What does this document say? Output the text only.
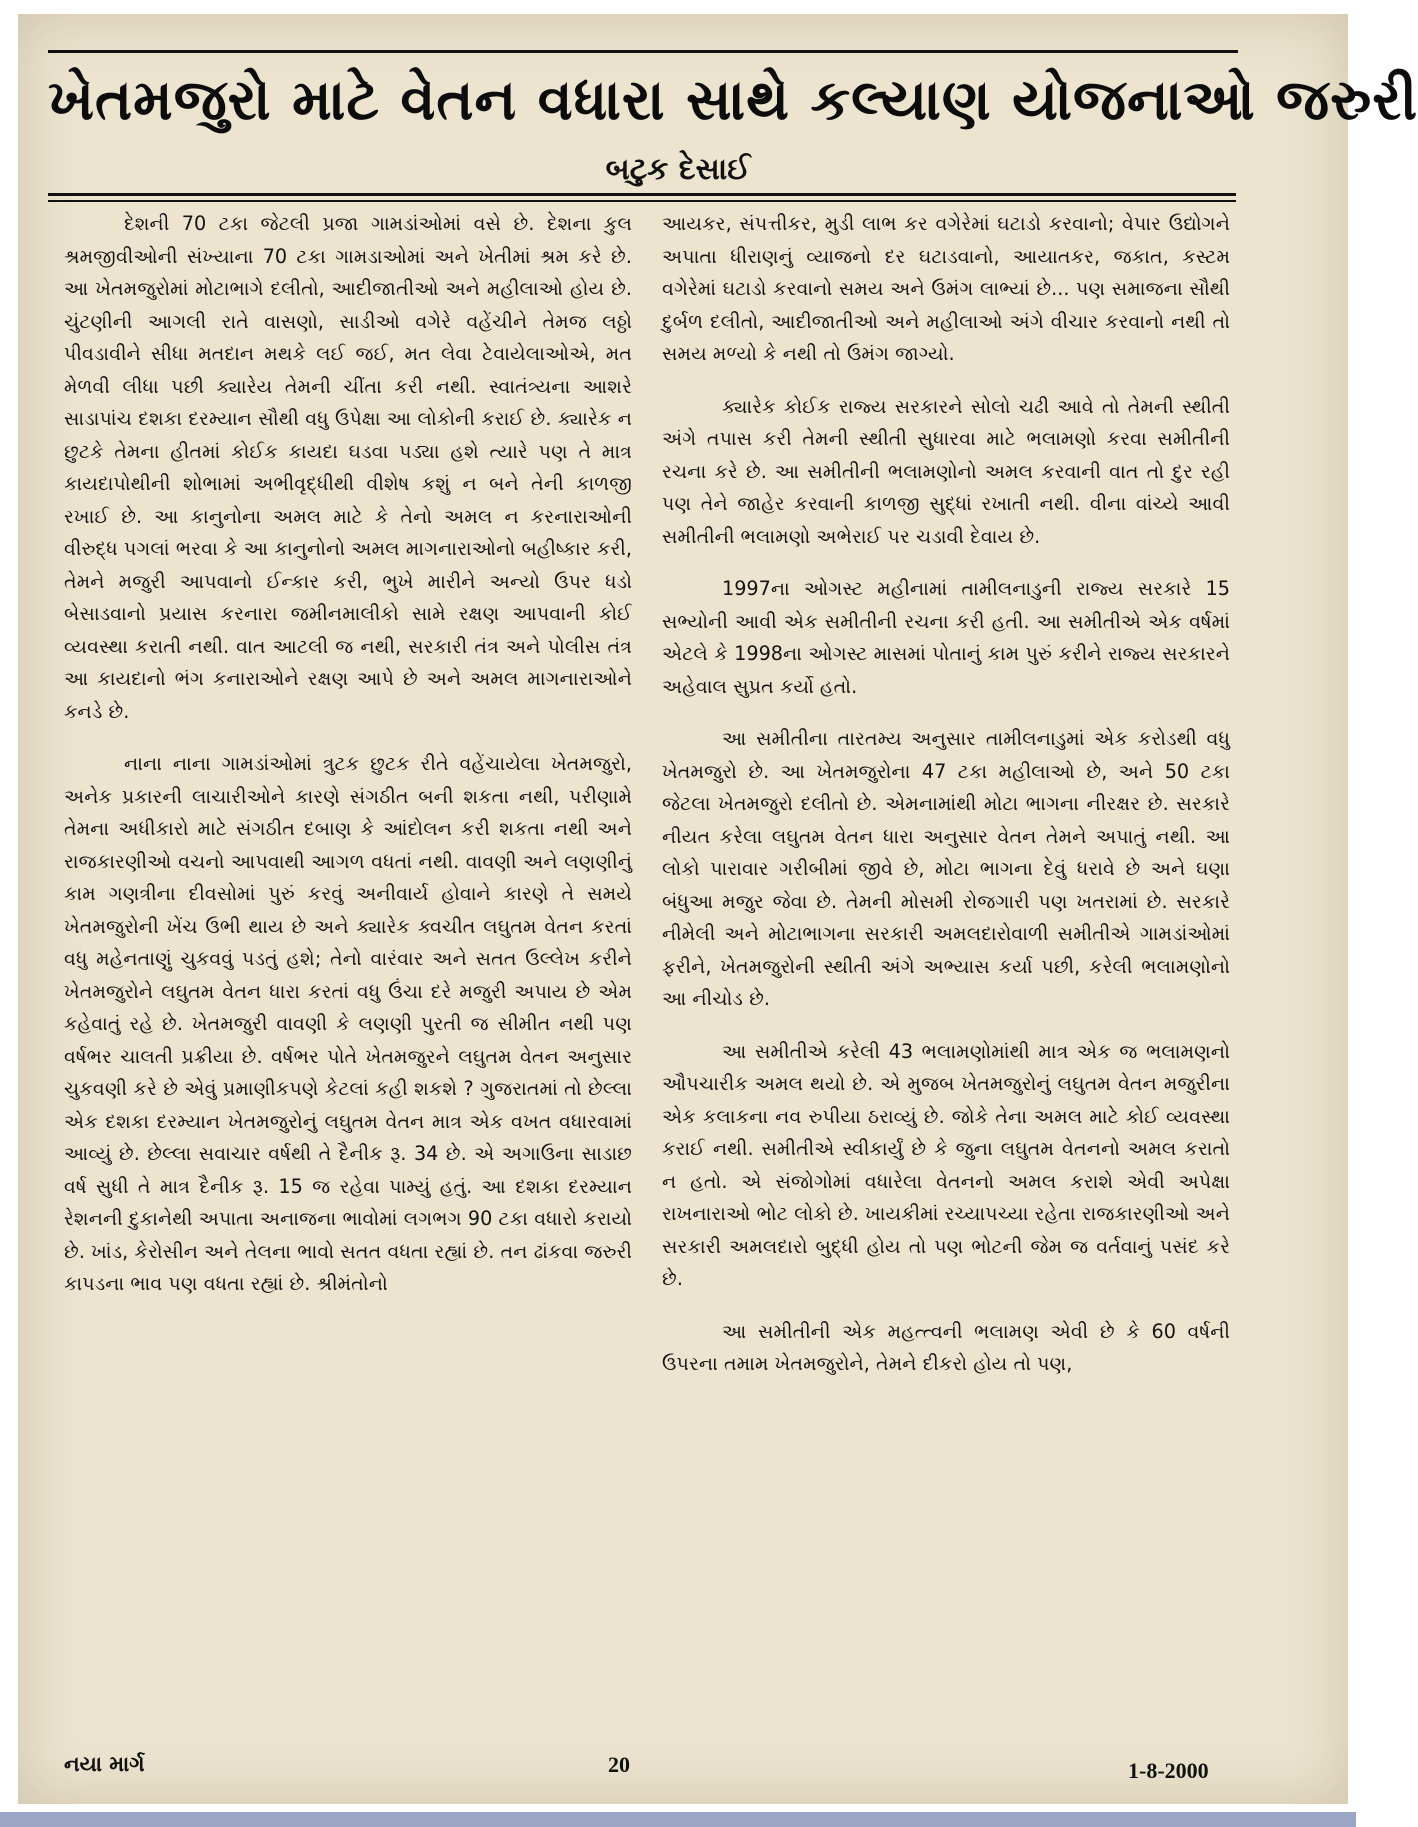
ખેતમજુરો માટે વેતન વધારા સાથે કલ્યાણ યોજનાઓ જરુરી
બટુક દેસાઈ

દેશની 70 ટકા જેટલી પ્રજા ગામડાંઓમાં વસે છે. દેશના કુલ શ્રમજીવીઓની સંખ્યાના 70 ટકા ગામડાઓમાં અને ખેતીમાં શ્રમ કરે છે. આ ખેતમજુરોમાં મોટાભાગે દલીતો, આદીજાતીઓ અને મહીલાઓ હોય છે. ચુંટણીની આગલી રાતે વાસણો, સાડીઓ વગેરે વહેંચીને તેમજ લઠ્ઠો પીવડાવીને સીધા મતદાન મથકે લઈ જઈ, મત લેવા ટેવાયેલાઓએ, મત મેળવી લીધા પછી ક્યારેય તેમની ચીંતા કરી નથી. સ્વાતંત્ર્યના આશરે સાડાપાંચ દશકા દરમ્યાન સૌથી વધુ ઉપેક્ષા આ લોકોની કરાઈ છે. ક્યારેક ન છુટકે તેમના હીતમાં કોઈક કાયદા ઘડવા પડ્યા હશે ત્યારે પણ તે માત્ર કાયદાપોથીની શોભામાં અભીવૃદ્ધીથી વીશેષ કશું ન બને તેની કાળજી રખાઈ છે. આ કાનુનોના અમલ માટે કે તેનો અમલ ન કરનારાઓની વીરુદ્ધ પગલાં ભરવા કે આ કાનુનોનો અમલ માગનારાઓનો બહીષ્કાર કરી, તેમને મજુરી આપવાનો ઈન્કાર કરી, ભુખે મારીને અન્યો ઉપર ધડો બેસાડવાનો પ્રયાસ કરનારા જમીનમાલીકો સામે રક્ષણ આપવાની કોઈ વ્યવસ્થા કરાતી નથી. વાત આટલી જ નથી, સરકારી તંત્ર અને પોલીસ તંત્ર આ કાયદાનો ભંગ કનારાઓને રક્ષણ આપે છે અને અમલ માગનારાઓને કનડે છે.

નાના નાના ગામડાંઓમાં ત્રુટક છુટક રીતે વહેંચાયેલા ખેતમજુરો, અનેક પ્રકારની લાચારીઓને કારણે સંગઠીત બની શકતા નથી, પરીણામે તેમના અધીકારો માટે સંગઠીત દબાણ કે આંદોલન કરી શકતા નથી અને રાજકારણીઓ વચનો આપવાથી આગળ વધતાં નથી. વાવણી અને લણણીનું કામ ગણત્રીના દીવસોમાં પુરું કરવું અનીવાર્ય હોવાને કારણે તે સમયે ખેતમજુરોની ખેંચ ઉભી થાય છે અને ક્યારેક ક્વચીત લઘુતમ વેતન કરતાં વધુ મહેનતાણું ચુકવવું પડતું હશે; તેનો વારંવાર અને સતત ઉલ્લેખ કરીને ખેતમજુરોને લઘુતમ વેતન ધારા કરતાં વધુ ઉંચા દરે મજુરી અપાય છે એમ કહેવાતું રહે છે. ખેતમજુરી વાવણી કે લણણી પુરતી જ સીમીત નથી પણ વર્ષભર ચાલતી પ્રક્રીયા છે. વર્ષભર પોતે ખેતમજુરને લઘુતમ વેતન અનુસાર ચુકવણી કરે છે એવું પ્રમાણીકપણે કેટલાં કહી શકશે ? ગુજરાતમાં તો છેલ્લા એક દશકા દરમ્યાન ખેતમજુરોનું લઘુતમ વેતન માત્ર એક વખત વધારવામાં આવ્યું છે. છેલ્લા સવાચાર વર્ષથી તે દૈનીક રૂ. 34 છે. એ અગાઉના સાડાછ વર્ષ સુધી તે માત્ર દૈનીક રૂ. 15 જ રહેવા પામ્યું હતું. આ દશકા દરમ્યાન રેશનની દુકાનેથી અપાતા અનાજના ભાવોમાં લગભગ 90 ટકા વધારો કરાયો છે. ખાંડ, કેરોસીન અને તેલના ભાવો સતત વધતા રહ્યાં છે. તન ઢાંકવા જરુરી કાપડના ભાવ પણ વધતા રહ્યાં છે. શ્રીમંતોનો

આયકર, સંપત્તીકર, મુડી લાભ કર વગેરેમાં ઘટાડો કરવાનો; વેપાર ઉદ્યોગને અપાતા ધીરાણનું વ્યાજનો દર ઘટાડવાનો, આયાતકર, જકાત, કસ્ટમ વગેરેમાં ઘટાડો કરવાનો સમય અને ઉમંગ લાભ્યાં છે... પણ સમાજના સૌથી દુર્બળ દલીતો, આદીજાતીઓ અને મહીલાઓ અંગે વીચાર કરવાનો નથી તો સમય મળ્યો કે નથી તો ઉમંગ જાગ્યો.

ક્યારેક કોઈક રાજ્ય સરકારને સોલો ચઢી આવે તો તેમની સ્થીતી અંગે તપાસ કરી તેમની સ્થીતી સુધારવા માટે ભલામણો કરવા સમીતીની રચના કરે છે. આ સમીતીની ભલામણોનો અમલ કરવાની વાત તો દુર રહી પણ તેને જાહેર કરવાની કાળજી સુદ્ધાં રખાતી નથી. વીના વાંચ્યે આવી સમીતીની ભલામણો અભેરાઈ પર ચડાવી દેવાય છે.

1997ના ઓગસ્ટ મહીનામાં તામીલનાડુની રાજ્ય સરકારે 15 સભ્યોની આવી એક સમીતીની રચના કરી હતી. આ સમીતીએ એક વર્ષમાં એટલે કે 1998ના ઓગસ્ટ માસમાં પોતાનું કામ પુરું કરીને રાજ્ય સરકારને અહેવાલ સુપ્રત કર્યો હતો.

આ સમીતીના તારતમ્ય અનુસાર તામીલનાડુમાં એક કરોડથી વધુ ખેતમજુરો છે. આ ખેતમજુરોના 47 ટકા મહીલાઓ છે, અને 50 ટકા જેટલા ખેતમજુરો દલીતો છે. એમનામાંથી મોટા ભાગના નીરક્ષર છે. સરકારે નીયત કરેલા લઘુતમ વેતન ધારા અનુસાર વેતન તેમને અપાતું નથી. આ લોકો પારાવાર ગરીબીમાં જીવે છે, મોટા ભાગના દેવું ધરાવે છે અને ઘણા બંધુઆ મજુર જેવા છે. તેમની મોસમી રોજગારી પણ ખતરામાં છે. સરકારે નીમેલી અને મોટાભાગના સરકારી અમલદારોવાળી સમીતીએ ગામડાંઓમાં ફરીને, ખેતમજુરોની સ્થીતી અંગે અભ્યાસ કર્યા પછી, કરેલી ભલામણોનો આ નીચોડ છે.

આ સમીતીએ કરેલી 43 ભલામણોમાંથી માત્ર એક જ ભલામણનો ઔપચારીક અમલ થયો છે. એ મુજબ ખેતમજુરોનું લઘુતમ વેતન મજુરીના એક કલાકના નવ રુપીયા ઠરાવ્યું છે. જોકે તેના અમલ માટે કોઈ વ્યવસ્થા કરાઈ નથી. સમીતીએ સ્વીકાર્યું છે કે જુના લઘુતમ વેતનનો અમલ કરાતો ન હતો. એ સંજોગોમાં વધારેલા વેતનનો અમલ કરાશે એવી અપેક્ષા રાખનારાઓ ભોટ લોકો છે. ખાયકીમાં રચ્યાપચ્યા રહેતા રાજકારણીઓ અને સરકારી અમલદારો બુદ્ધી હોય તો પણ ભોટની જેમ જ વર્તવાનું પસંદ કરે છે.

આ સમીતીની એક મહત્ત્વની ભલામણ એવી છે કે 60 વર્ષની ઉપરના તમામ ખેતમજુરોને, તેમને દીકરો હોય તો પણ,

નયા માર્ગ	20	1-8-2000
